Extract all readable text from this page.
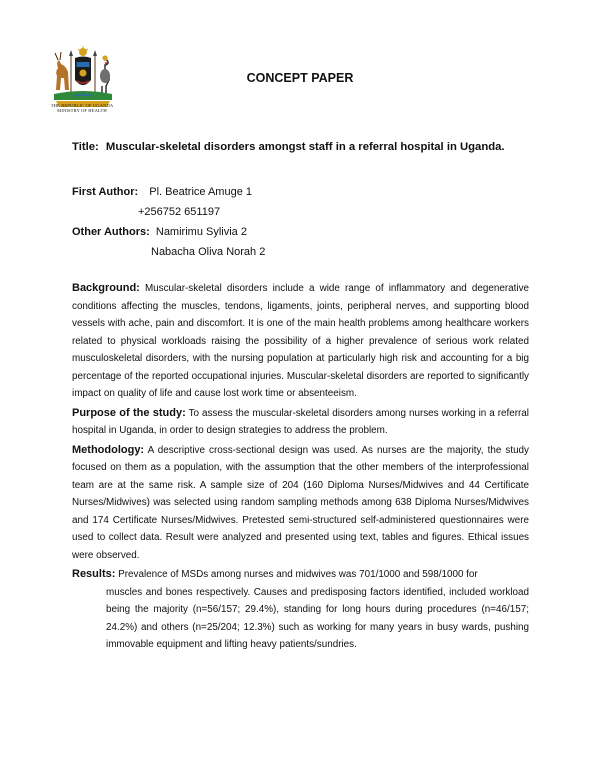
THE REPUBLIC OF UGANDA
MINISTRY OF HEALTH
CONCEPT PAPER
Title: Muscular-skeletal disorders amongst staff in a referral hospital in Uganda.
First Author: Pl. Beatrice Amuge 1
+256752 651197
Other Authors: Namirimu Sylivia 2
Nabacha Oliva Norah 2

Background: Muscular-skeletal disorders include a wide range of inflammatory and degenerative conditions affecting the muscles, tendons, ligaments, joints, peripheral nerves, and supporting blood vessels with ache, pain and discomfort. It is one of the main health problems among healthcare workers related to physical workloads raising the possibility of a higher prevalence of serious work related musculoskeletal disorders, with the nursing population at particularly high risk and accounting for a big percentage of the reported occupational injuries. Muscular-skeletal disorders are reported to significantly impact on quality of life and cause lost work time or absenteeism.

Purpose of the study: To assess the muscular-skeletal disorders among nurses working in a referral hospital in Uganda, in order to design strategies to address the problem.

Methodology: A descriptive cross-sectional design was used. As nurses are the majority, the study focused on them as a population, with the assumption that the other members of the interprofessional team are at the same risk. A sample size of 204 (160 Diploma Nurses/Midwives and 44 Certificate Nurses/Midwives) was selected using random sampling methods among 638 Diploma Nurses/Midwives and 174 Certificate Nurses/Midwives. Pretested semi-structured self-administered questionnaires were used to collect data. Result were analyzed and presented using text, tables and figures. Ethical issues were observed.

Results: Prevalence of MSDs among nurses and midwives was 701/1000 and 598/1000 for
muscles and bones respectively. Causes and predisposing factors identified, included workload being the majority (n=56/157; 29.4%), standing for long hours during procedures (n=46/157; 24.2%) and others (n=25/204; 12.3%) such as working for many years in busy wards, pushing immovable equipment and lifting heavy patients/sundries.
